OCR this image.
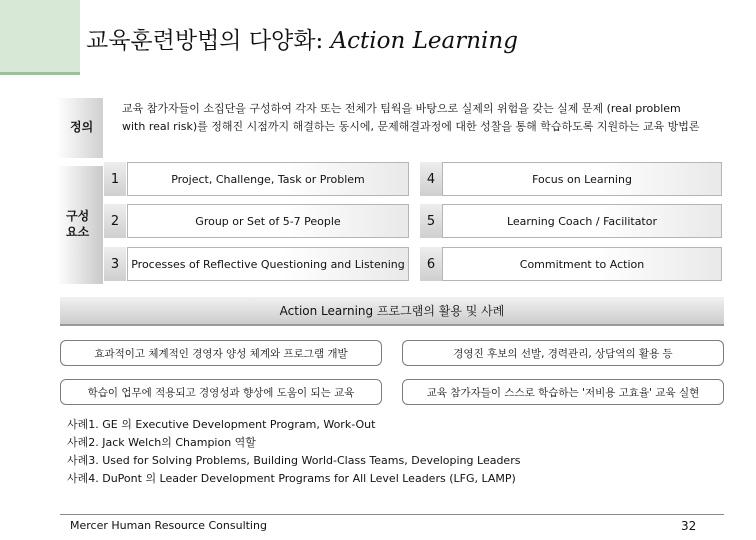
교육훈련방법의 다양화: Action Learning
정의
교육 참가자들이 소집단을 구성하여 각자 또는 전체가 팀웍을 바탕으로 실제의 위험을 갖는 실제 문제 (real problem with real risk)를 정해진 시점까지 해결하는 동시에, 문제해결과정에 대한 성찰을 통해 학습하도록 지원하는 교육 방법론
구성요소
1	Project, Challenge, Task or Problem
2	Group or Set of 5-7 People
3	Processes of Reflective Questioning and Listening
4	Focus on Learning
5	Learning Coach / Facilitator
6	Commitment to Action
Action Learning 프로그램의 활용 및 사례
효과적이고 체계적인 경영자 양성 체계와 프로그램 개발	경영진 후보의 선발, 경력관리, 상담역의 활용 등
학습이 업무에 적용되고 경영성과 향상에 도움이 되는 교육	교육 참가자들이 스스로 학습하는 '저비용 고효율' 교육 실현
사례1. GE 의 Executive Development Program, Work-Out
사례2. Jack Welch의 Champion 역할
사례3. Used for Solving Problems, Building World-Class Teams, Developing Leaders
사례4. DuPont 의 Leader Development Programs for All Level Leaders (LFG, LAMP)
Mercer Human Resource Consulting	32
